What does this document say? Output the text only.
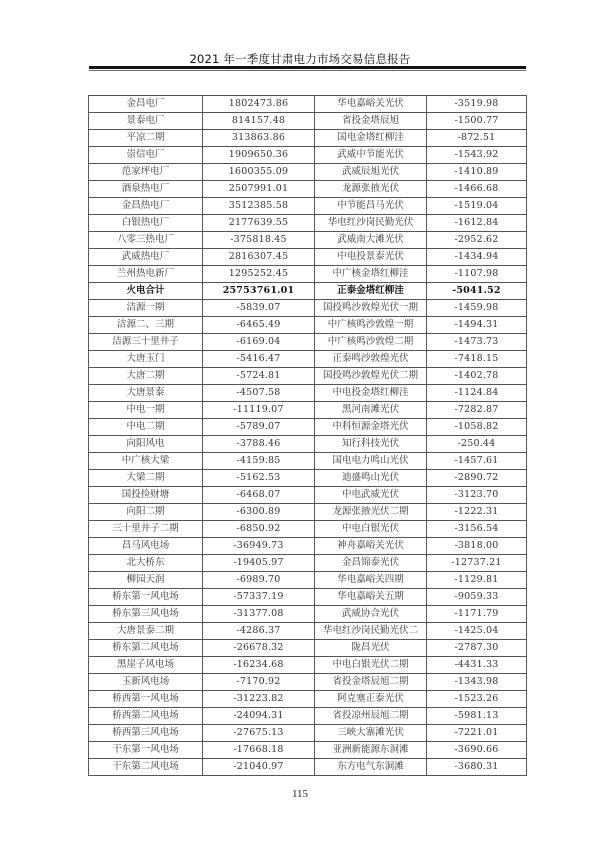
2021 年一季度甘肃电力市场交易信息报告
金昌电厂	1802473.86	华电嘉峪关光伏	-3519.98
景泰电厂	814157.48	省投金塔辰旭	-1500.77
平凉二期	313863.86	国电金塔红柳洼	-872.51
崇信电厂	1909650.36	武威中节能光伏	-1543.92
范家坪电厂	1600355.09	武威辰旭光伏	-1410.89
酒泉热电厂	2507991.01	龙源张掖光伏	-1466.68
金昌热电厂	3512385.58	中节能昌马光伏	-1519.04
白银热电厂	2177639.55	华电红沙岗民勤光伏	-1612.84
八零三热电厂	-375818.45	武威南大滩光伏	-2952.62
武威热电厂	2816307.45	中电投景泰光伏	-1434.94
兰州热电新厂	1295252.45	中广核金塔红柳洼	-1107.98
火电合计	25753761.01	正泰金塔红柳洼	-5041.52
洁源一期	-5839.07	国投鸣沙敦煌光伏一期	-1459.98
洁源二、三期	-6465.49	中广核鸣沙敦煌一期	-1494.31
洁源三十里井子	-6169.04	中广核鸣沙敦煌二期	-1473.73
大唐玉门	-5416.47	正泰鸣沙敦煌光伏	-7418.15
大唐二期	-5724.81	国投鸣沙敦煌光伏二期	-1402.78
大唐景泰	-4507.58	中电投金塔红柳洼	-1124.84
中电一期	-11119.07	黑河南滩光伏	-7282.87
中电二期	-5789.07	中科恒源金塔光伏	-1058.82
向阳风电	-3788.46	知行科技光伏	-250.44
中广核大梁	-4159.85	国电电力鸣山光伏	-1457.61
大梁二期	-5162.53	迪盛鸣山光伏	-2890.72
国投捡财塘	-6468.07	中电武威光伏	-3123.70
向阳二期	-6300.89	龙源张掖光伏二期	-1222.31
三十里井子二期	-6850.92	中电白银光伏	-3156.54
昌马风电场	-36949.73	神舟嘉峪关光伏	-3818.00
北大桥东	-19405.97	金昌锦泰光伏	-12737.21
柳园天润	-6989.70	华电嘉峪关四期	-1129.81
桥东第一风电场	-57337.19	华电嘉峪关五期	-9059.33
桥东第三风电场	-31377.08	武威协合光伏	-1171.79
大唐景泰二期	-4286.37	华电红沙岗民勤光伏二	-1425.04
桥东第二风电场	-26678.32	陇昌光伏	-2787.30
黑崖子风电场	-16234.68	中电白银光伏二期	-4431.33
玉新风电场	-7170.92	省投金塔辰旭二期	-1343.98
桥西第一风电场	-31223.82	阿克塞正泰光伏	-1523.26
桥西第二风电场	-24094.31	省投凉州辰旭二期	-5981.13
桥西第三风电场	-27675.13	三峡大寨滩光伏	-7221.01
干东第一风电场	-17668.18	亚洲新能源东洞滩	-3690.66
干东第二风电场	-21040.97	东方电气东洞滩	-3680.31
115
